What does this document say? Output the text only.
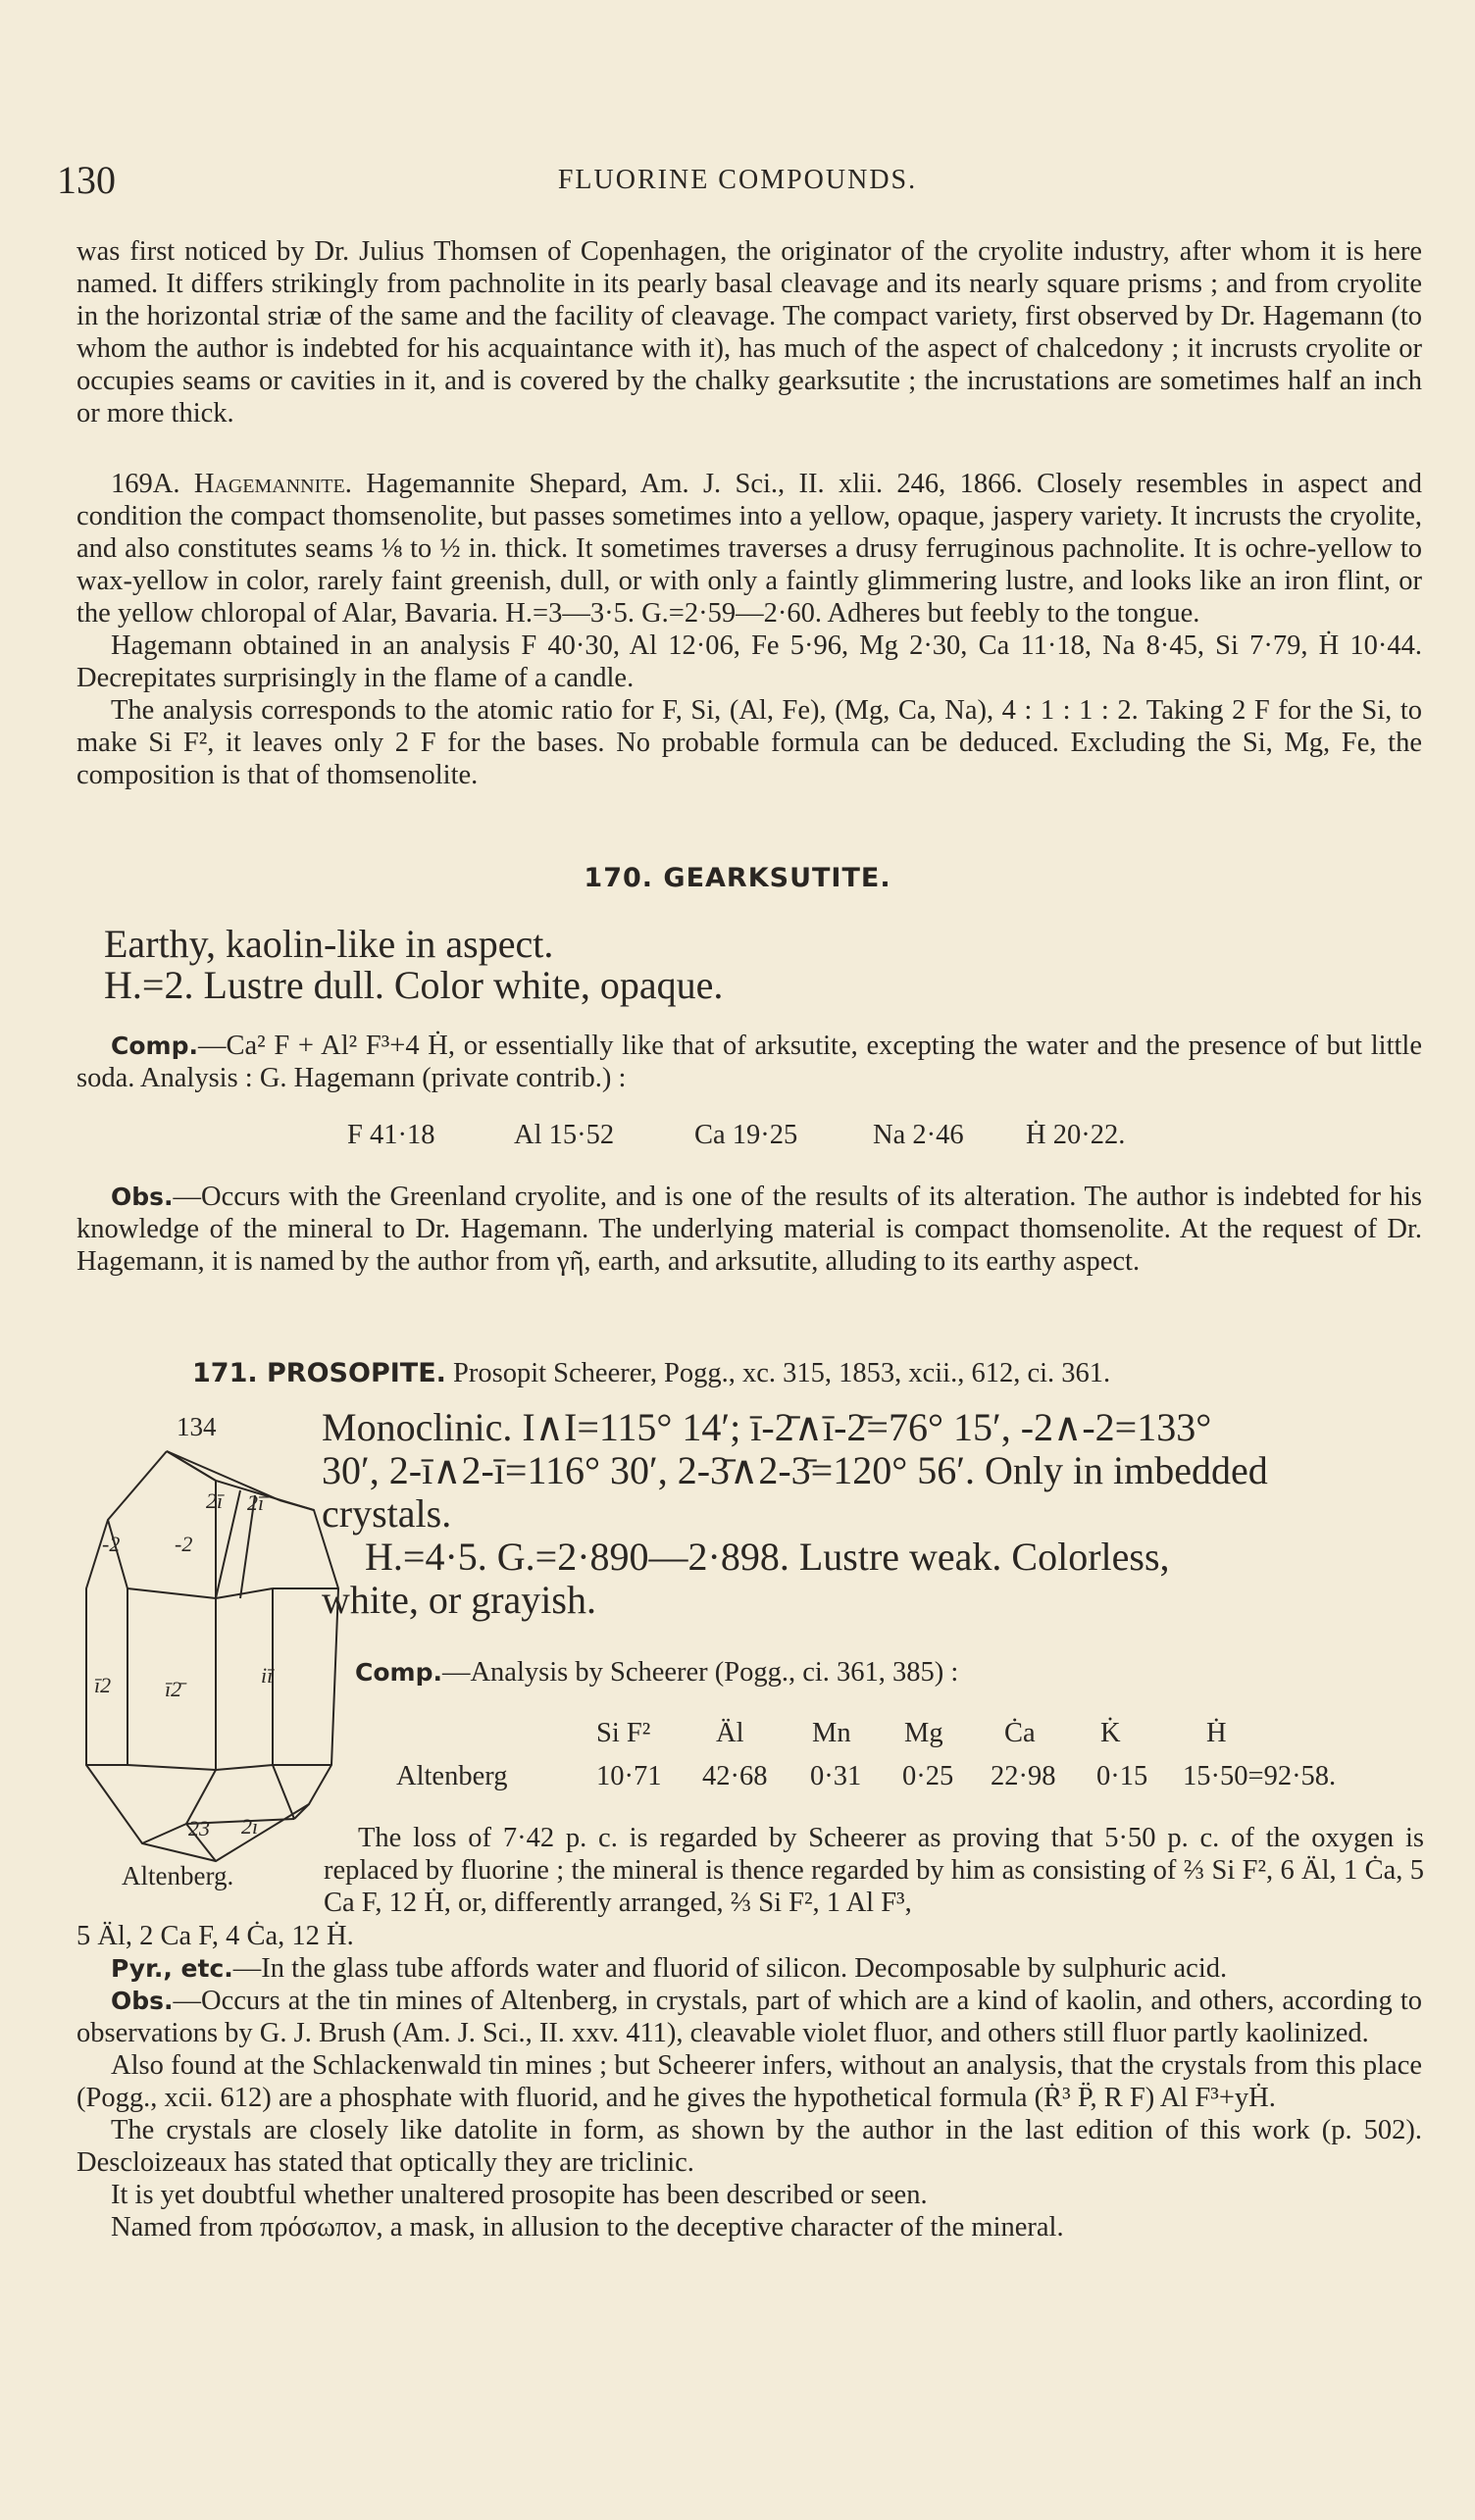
130	FLUORINE COMPOUNDS.

was first noticed by Dr. Julius Thomsen of Copenhagen, the originator of the cryolite industry, after whom it is here named. It differs strikingly from pachnolite in its pearly basal cleavage and its nearly square prisms ; and from cryolite in the horizontal striæ of the same and the facility of cleavage. The compact variety, first observed by Dr. Hagemann (to whom the author is indebted for his acquaintance with it), has much of the aspect of chalcedony ; it incrusts cryolite or occupies seams or cavities in it, and is covered by the chalky gearksutite ; the incrustations are sometimes half an inch or more thick.

169A. Hagemannite. Hagemannite Shepard, Am. J. Sci., II. xlii. 246, 1866. Closely resembles in aspect and condition the compact thomsenolite, but passes sometimes into a yellow, opaque, jaspery variety. It incrusts the cryolite, and also constitutes seams ⅛ to ½ in. thick. It sometimes traverses a drusy ferruginous pachnolite. It is ochre-yellow to wax-yellow in color, rarely faint greenish, dull, or with only a faintly glimmering lustre, and looks like an iron flint, or the yellow chloropal of Alar, Bavaria. H.=3—3·5. G.=2·59—2·60. Adheres but feebly to the tongue.

Hagemann obtained in an analysis F 40·30, Al 12·06, Fe 5·96, Mg 2·30, Ca 11·18, Na 8·45, Si 7·79, Ḣ 10·44. Decrepitates surprisingly in the flame of a candle.

The analysis corresponds to the atomic ratio for F, Si, (Al, Fe), (Mg, Ca, Na), 4 : 1 : 1 : 2. Taking 2 F for the Si, to make Si F², it leaves only 2 F for the bases. No probable formula can be deduced. Excluding the Si, Mg, Fe, the composition is that of thomsenolite.

170. GEARKSUTITE.
Earthy, kaolin-like in aspect.
H.=2. Lustre dull. Color white, opaque.

Comp.—Ca² F + Al² F³+4 Ḣ, or essentially like that of arksutite, excepting the water and the presence of but little soda. Analysis : G. Hagemann (private contrib.) :

F 41·18	Al 15·52	Ca 19·25	Na 2·46 Ḣ 20·22.

Obs.—Occurs with the Greenland cryolite, and is one of the results of its alteration. The author is indebted for his knowledge of the mineral to Dr. Hagemann. The underlying material is compact thomsenolite. At the request of Dr. Hagemann, it is named by the author from γῆ, earth, and arksutite, alluding to its earthy aspect.

171. PROSOPITE. Prosopit Scheerer, Pogg., xc. 315, 1853, xcii., 612, ci. 361.
134
2ī 2ī̄
-2	-2
ī2 ī2̄
iī
23 2ī
Altenberg.
Monoclinic. I∧I=115° 14′; ī-2̄∧ī-2̄=76° 15′, -2∧-2=133°
30′, 2-ī∧2-ī=116° 30′, 2-3̄∧2-3̄=120° 56′. Only in imbedded
crystals.
H.=4·5. G.=2·890—2·898. Lustre weak. Colorless,
white, or grayish.
Comp.—Analysis by Scheerer (Pogg., ci. 361, 385) :
Si F² Äl Mn Mg Ċa K̇	Ḣ
Altenberg	10·71 42·68 0·31 0·25 22·98 0·15 15·50=92·58.

The loss of 7·42 p. c. is regarded by Scheerer as proving that 5·50 p. c. of the oxygen is replaced by fluorine ; the mineral is thence regarded by him as consisting of ⅔ Si F², 6 Äl, 1 Ċa, 5 Ca F, 12 Ḣ, or, differently arranged, ⅔ Si F², 1 Al F³,

5 Äl, 2 Ca F, 4 Ċa, 12 Ḣ.

Pyr., etc.—In the glass tube affords water and fluorid of silicon. Decomposable by sulphuric acid.

Obs.—Occurs at the tin mines of Altenberg, in crystals, part of which are a kind of kaolin, and others, according to observations by G. J. Brush (Am. J. Sci., II. xxv. 411), cleavable violet fluor, and others still fluor partly kaolinized.

Also found at the Schlackenwald tin mines ; but Scheerer infers, without an analysis, that the crystals from this place (Pogg., xcii. 612) are a phosphate with fluorid, and he gives the hypothetical formula (Ṙ³ P̈, R F) Al F³+yḢ.

The crystals are closely like datolite in form, as shown by the author in the last edition of this work (p. 502). Descloizeaux has stated that optically they are triclinic.

It is yet doubtful whether unaltered prosopite has been described or seen.

Named from πρόσωπον, a mask, in allusion to the deceptive character of the mineral.
